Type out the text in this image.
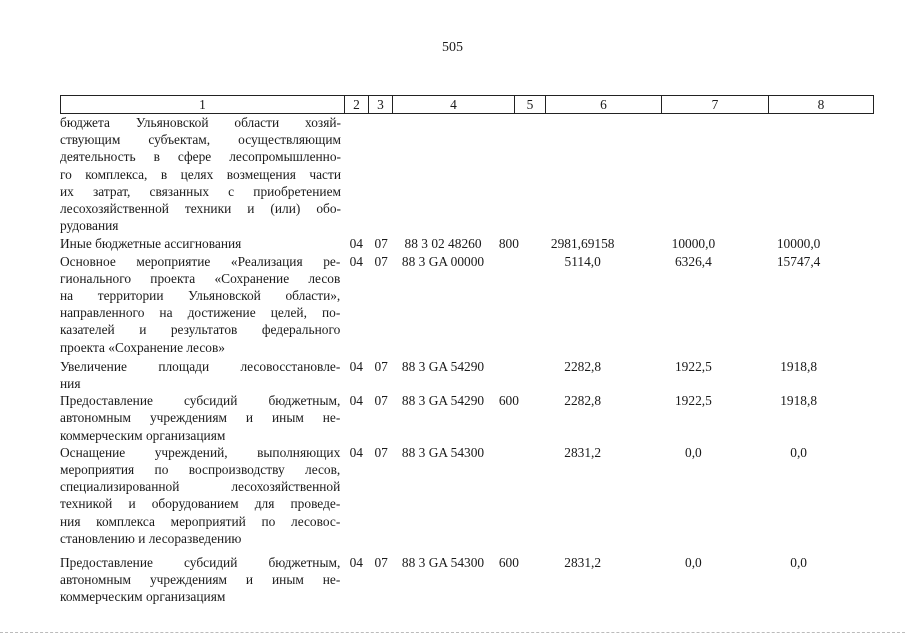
505
1	2	3	4	5	6	7	8
бюджета Ульяновской области хозяй-
ствующим субъектам, осуществляющим
деятельность в сфере лесопромышленно-
го комплекса, в целях возмещения части
их затрат, связанных с приобретением
лесохозяйственной техники и (или) обо-
рудования
Иные бюджетные ассигнования	04 07	88 3 02 48260	800	2981,69158	10000,0	10000,0
Основное мероприятие «Реализация ре-
гионального проекта «Сохранение лесов
на территории Ульяновской области»,
направленного на достижение целей, по-
казателей и результатов федерального
проекта «Сохранение лесов»
04 07	88 3 GA 00000	5114,0	6326,4	15747,4
Увеличение площади лесовосстановле-
ния
04 07	88 3 GA 54290	2282,8	1922,5	1918,8
Предоставление субсидий бюджетным,
автономным учреждениям и иным не-
коммерческим организациям
04 07	88 3 GA 54290	600	2282,8	1922,5	1918,8
Оснащение учреждений, выполняющих
мероприятия по воспроизводству лесов,
специализированной лесохозяйственной
техникой и оборудованием для проведе-
ния комплекса мероприятий по лесовос-
становлению и лесоразведению
04 07	88 3 GA 54300	2831,2	0,0	0,0
Предоставление субсидий бюджетным,
автономным учреждениям и иным не-
коммерческим организациям
04 07	88 3 GA 54300	600	2831,2	0,0	0,0
